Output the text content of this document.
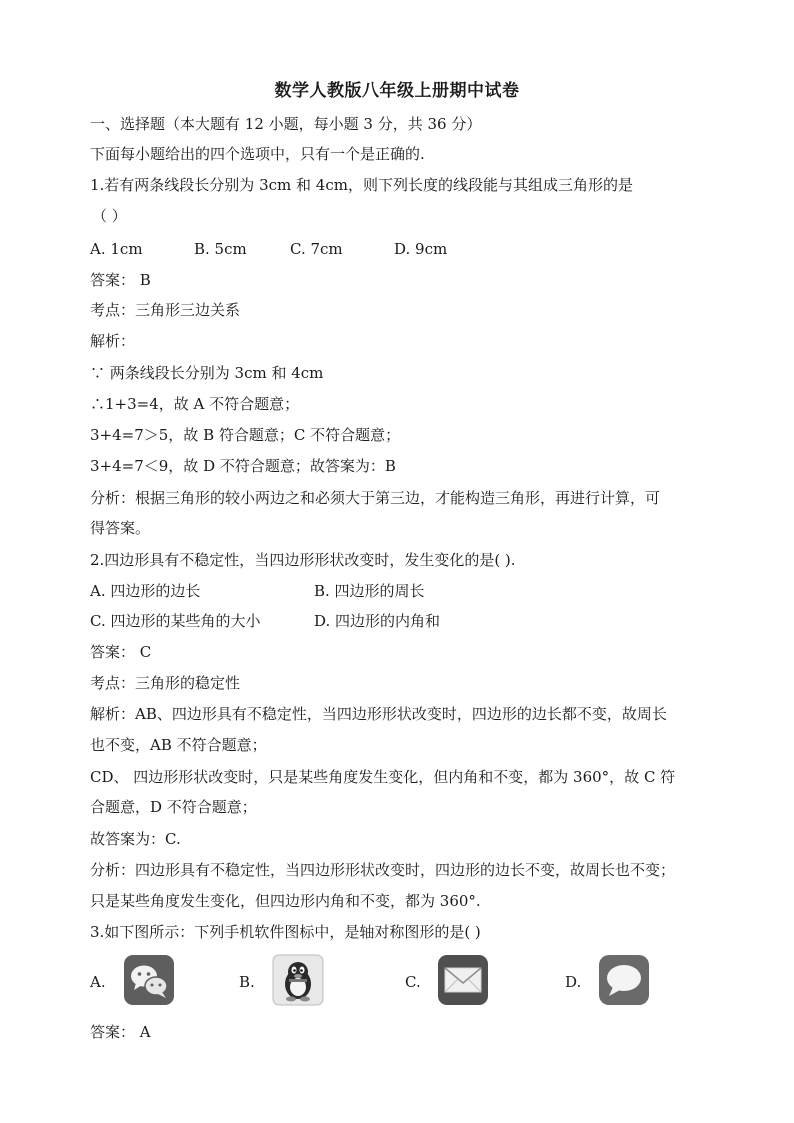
数学人教版八年级上册期中试卷
一、选择题（本大题有 12 小题，每小题 3 分，共 36 分）
下面每小题给出的四个选项中，只有一个是正确的.
1.若有两条线段长分别为 3cm 和 4cm，则下列长度的线段能与其组成三角形的是
（ ）
A. 1cm	B. 5cm	C. 7cm	D. 9cm
答案： B
考点：三角形三边关系
解析：
∵ 两条线段长分别为 3cm 和 4cm
∴1+3=4，故 A 不符合题意；
3+4=7＞5，故 B 符合题意；C 不符合题意；
3+4=7＜9，故 D 不符合题意；故答案为：B
分析：根据三角形的较小两边之和必须大于第三边，才能构造三角形，再进行计算，可
得答案。
2.四边形具有不稳定性，当四边形形状改变时，发生变化的是( ).
A. 四边形的边长	B. 四边形的周长
C. 四边形的某些角的大小	D. 四边形的内角和
答案： C
考点：三角形的稳定性
解析：AB、四边形具有不稳定性，当四边形形状改变时，四边形的边长都不变，故周长
也不变，AB 不符合题意；
CD、 四边形形状改变时，只是某些角度发生变化，但内角和不变，都为 360°，故 C 符
合题意，D 不符合题意；
故答案为：C.
分析：四边形具有不稳定性，当四边形形状改变时，四边形的边长不变，故周长也不变；
只是某些角度发生变化，但四边形内角和不变，都为 360°.
3.如下图所示：下列手机软件图标中，是轴对称图形的是( )
A.	B.	C.	D.
答案： A
